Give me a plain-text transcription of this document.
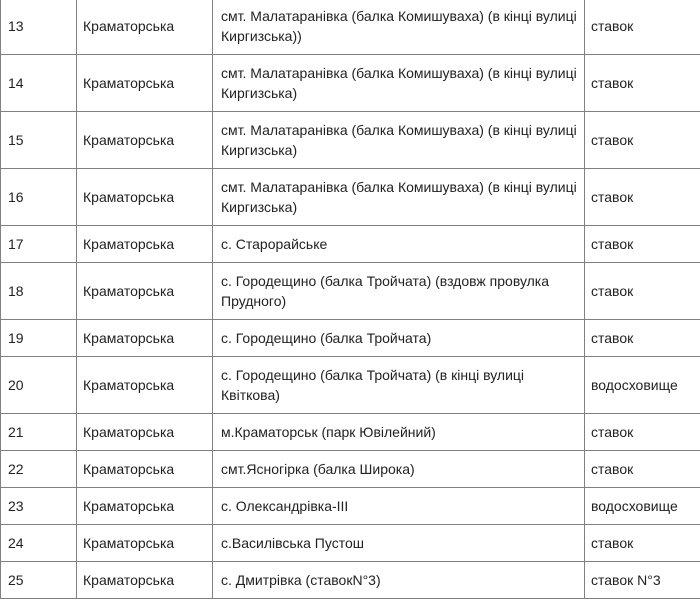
13	Краматорська	смт. Малатаранівка (балка Комишуваха) (в кінці вулиці Киргизська))	ставок
14	Краматорська	смт. Малатаранівка (балка Комишуваха) (в кінці вулиці Киргизська)	ставок
15	Краматорська	смт. Малатаранівка (балка Комишуваха) (в кінці вулиці Киргизська)	ставок
16	Краматорська	смт. Малатаранівка (балка Комишуваха) (в кінці вулиці Киргизська)	ставок
17	Краматорська	с. Старорайське	ставок
18	Краматорська	с. Городещино (балка Тройчата) (вздовж провулка Прудного)	ставок
19	Краматорська	с. Городещино (балка Тройчата)	ставок
20	Краматорська	с. Городещино (балка Тройчата) (в кінці вулиці Квіткова)	водосховище
21	Краматорська	м.Краматорськ (парк Ювілейний)	ставок
22	Краматорська	смт.Ясногірка (балка Широка)	ставок
23	Краматорська	с. Олександрівка-ІІІ	водосховище
24	Краматорська	с.Василівська Пустош	ставок
25	Краматорська	с. Дмитрівка (ставокN°3)	ставок N°3
